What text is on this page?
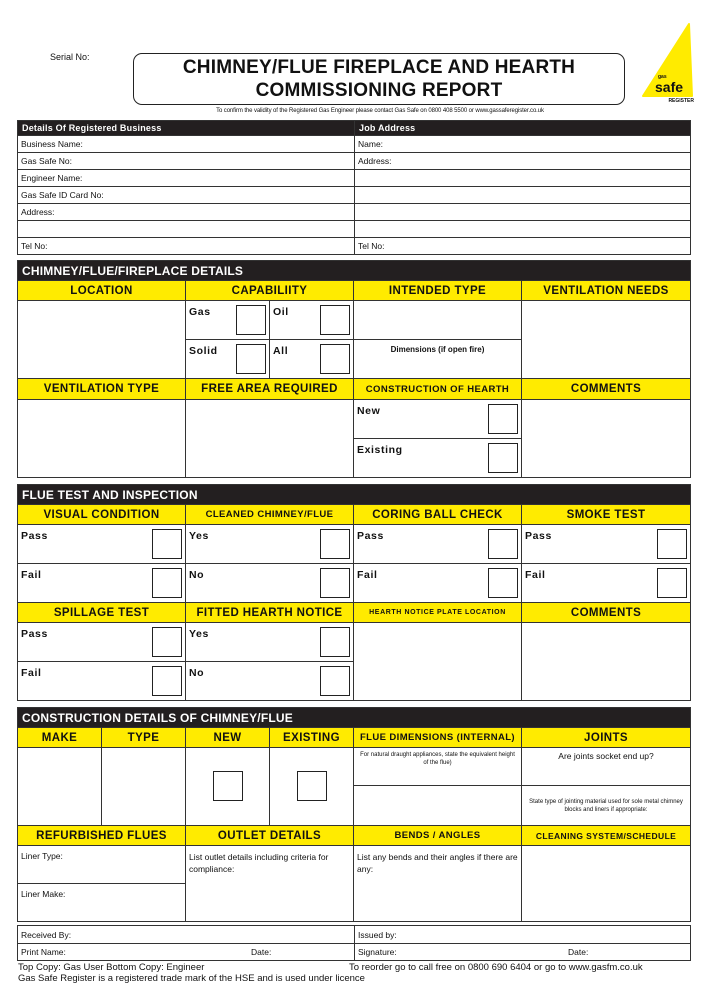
Serial No:	CHIMNEY/FLUE FIREPLACE AND HEARTH
COMMISSIONING REPORT
To confirm the validity of the Registered Gas Engineer please contact Gas Safe on 0800 408 5500 or www.gassaferegister.co.uk
gas
safe
REGISTER
Details Of Registered Business	Job Address
Business Name:	Name:
Gas Safe No:	Address:
Engineer Name:	
Gas Safe ID Card No:	
Address:	

Tel No:	Tel No:
CHIMNEY/FLUE/FIREPLACE DETAILS				
LOCATION	CAPABILIITY		INTENDED TYPE	VENTILATION NEEDS
	Gas	Oil

	Solid	All	Dimensions (if open fire)	
VENTILATION TYPE	FREE AREA REQUIRED		CONSTRUCTION OF HEARTH	COMMENTS
			New

			Existing	
FLUE TEST AND INSPECTION			
VISUAL CONDITION	CLEANED CHIMNEY/FLUE	CORING BALL CHECK	SMOKE TEST
Pass	Yes	Pass	Pass

Fail	No	Fail	Fail

SPILLAGE TEST	FITTED HEARTH NOTICE	HEARTH NOTICE PLATE LOCATION	COMMENTS
Pass	Yes

Fail	No		
CONSTRUCTION DETAILS OF CHIMNEY/FLUE					
MAKE	TYPE	NEW	EXISTING	FLUE DIMENSIONS (INTERNAL)	JOINTS
				For natural draught appliances, state the equivalent height of the flue)	Are joints socket end up?
					State type of jointing material used for sole metal chimney blocks and liners if appropriate:
REFURBISHED FLUES		OUTLET DETAILS		BENDS / ANGLES	CLEANING SYSTEM/SCHEDULE
Liner Type:		List outlet details including criteria for compliance:		List any bends and their angles if there are any:	
Liner Make:					
Received By:	Issued by:
Print Name: Date:	Signature: Date:
Top Copy: Gas User Bottom Copy: Engineer	To reorder go to call free on 0800 690 6404 or go to www.gasfm.co.uk
Gas Safe Register is a registered trade mark of the HSE and is used under licence
